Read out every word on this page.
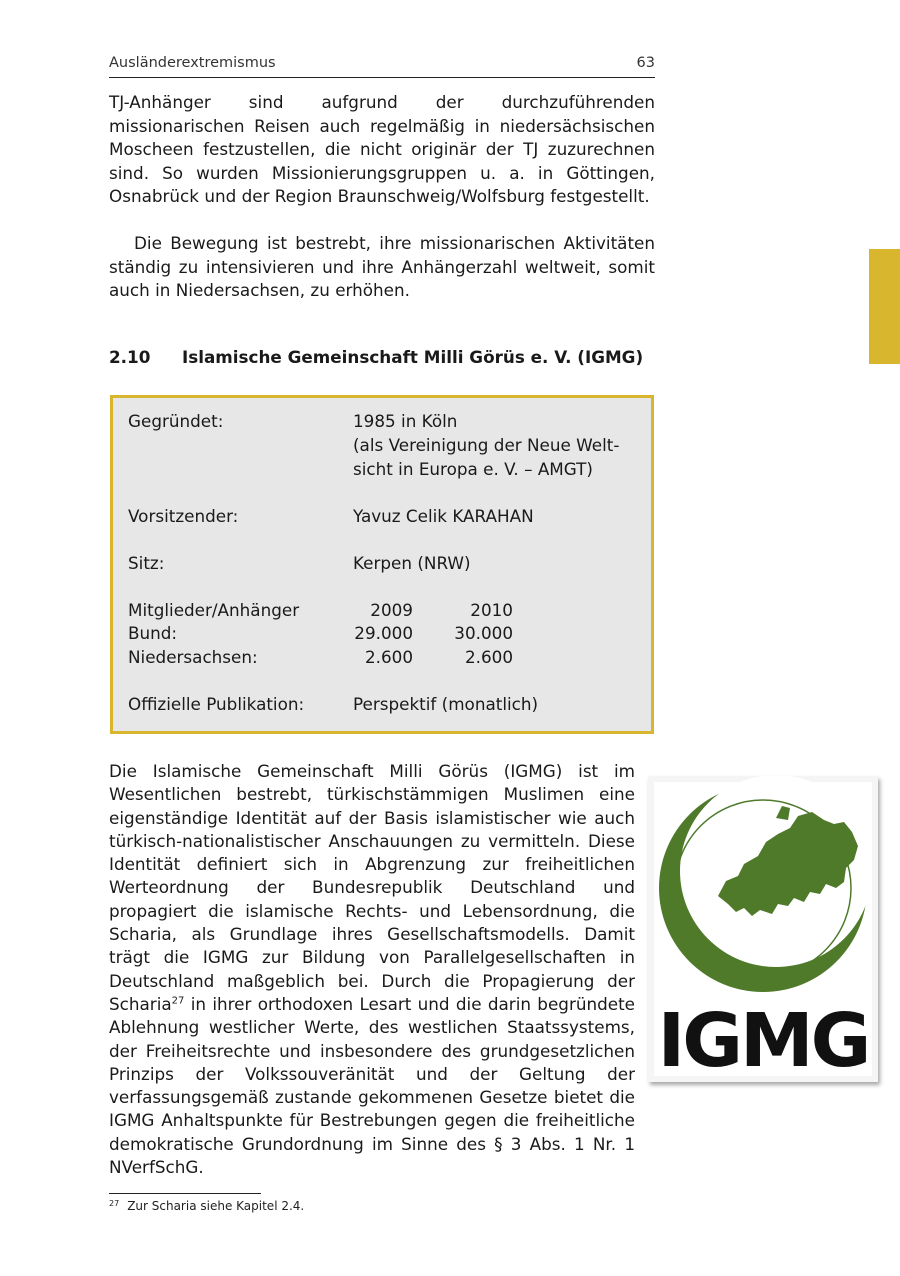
Ausländerextremismus	63

TJ-Anhänger sind aufgrund der durchzuführenden missionarischen Reisen auch regelmäßig in niedersächsischen Moscheen festzustellen, die nicht originär der TJ zuzurechnen sind. So wurden Missionierungsgruppen u. a. in Göttingen, Osnabrück und der Region Braunschweig/Wolfsburg festgestellt.

Die Bewegung ist bestrebt, ihre missionarischen Aktivitäten ständig zu intensivieren und ihre Anhängerzahl weltweit, somit auch in Niedersachsen, zu erhöhen.

2.10 Islamische Gemeinschaft Milli Görüs e. V. (IGMG)
Gegründet:	1985 in Köln
(als Vereinigung der Neue Welt-
sicht in Europa e. V. – AMGT)
Vorsitzender:	Yavuz Celik KARAHAN
Sitz:	Kerpen (NRW)
Mitglieder/Anhänger	2009	2010
Bund:	29.000 30.000
Niedersachsen:	2.600	2.600
Offizielle Publikation:	Perspektif (monatlich)

Die Islamische Gemeinschaft Milli Görüs (IGMG) ist im Wesentlichen bestrebt, türkischstämmigen Muslimen eine eigenständige Identität auf der Basis islamistischer wie auch türkisch-nationalistischer Anschauungen zu vermitteln. Diese Identität definiert sich in Abgrenzung zur freiheitlichen Werteordnung der Bundesrepublik Deutschland und propagiert die islamische Rechts- und Lebensordnung, die Scharia, als Grundlage ihres Gesellschaftsmodells. Damit trägt die IGMG zur Bildung von Parallelgesellschaften in Deutschland maßgeblich bei. Durch die Propagierung der Scharia$^{27}$ in ihrer orthodoxen Lesart und die darin begründete Ablehnung westlicher Werte, des westlichen Staatssystems, der Freiheitsrechte und insbesondere des grundgesetzlichen Prinzips der Volkssouveränität und der Geltung der verfassungsgemäß zustande gekommenen Gesetze bietet die IGMG Anhaltspunkte für Bestrebungen gegen die freiheitliche demokratische Grundordnung im Sinne des § 3 Abs. 1 Nr. 1 NVerfSchG.

IGMG
$^{27}$ Zur Scharia siehe Kapitel 2.4.
